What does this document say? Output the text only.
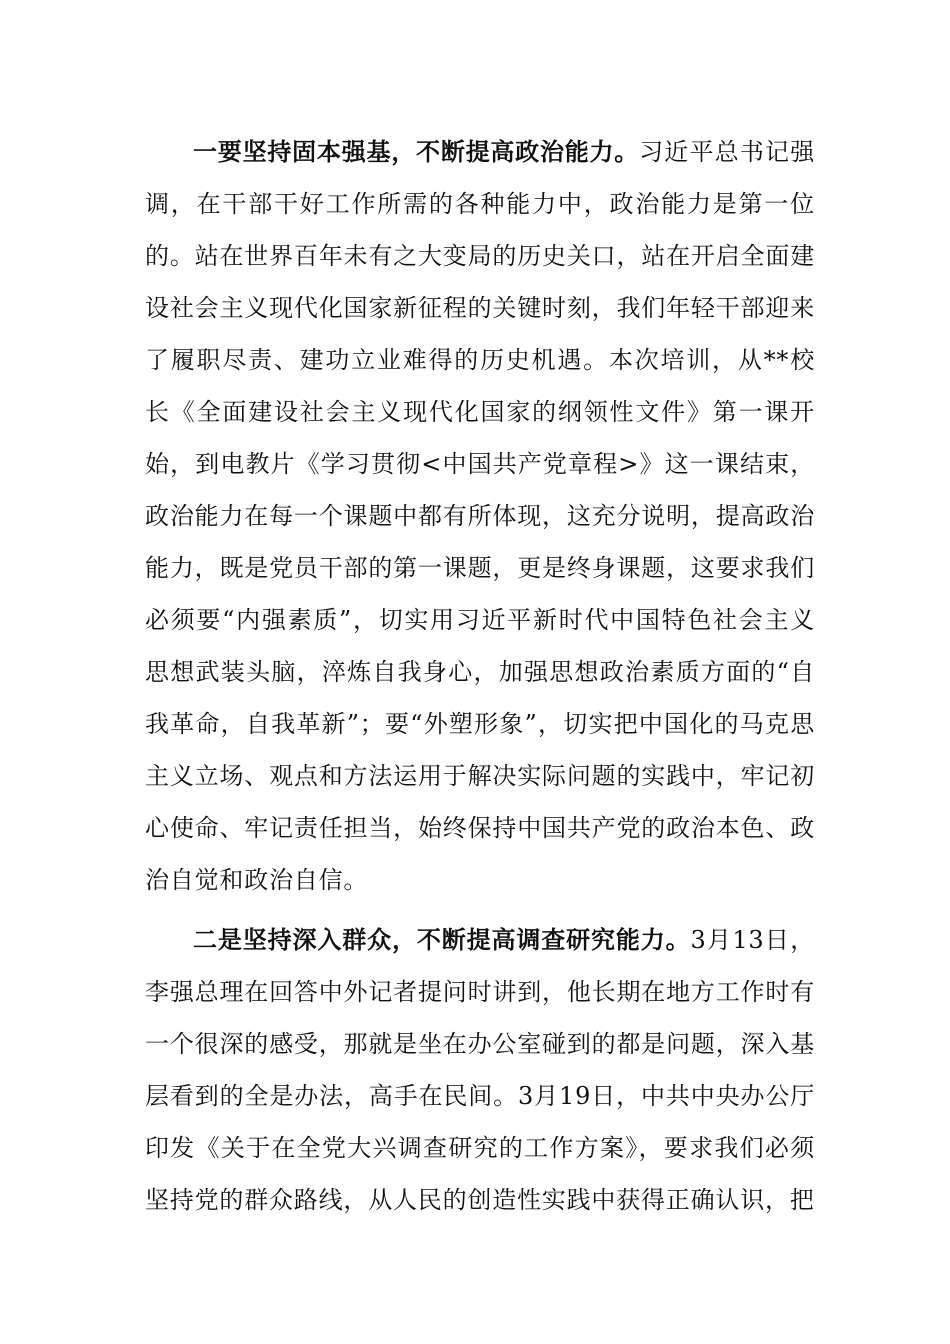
一要坚持固本强基，不断提高政治能力。习近平总书记强调，在干部干好工作所需的各种能力中，政治能力是第一位的。站在世界百年未有之大变局的历史关口，站在开启全面建设社会主义现代化国家新征程的关键时刻，我们年轻干部迎来了履职尽责、建功立业难得的历史机遇。本次培训，从**校长《全面建设社会主义现代化国家的纲领性文件》第一课开始，到电教片《学习贯彻<中国共产党章程>》这一课结束，政治能力在每一个课题中都有所体现，这充分说明，提高政治能力，既是党员干部的第一课题，更是终身课题，这要求我们必须要“内强素质”，切实用习近平新时代中国特色社会主义思想武装头脑，淬炼自我身心，加强思想政治素质方面的“自我革命，自我革新”；要“外塑形象”，切实把中国化的马克思主义立场、观点和方法运用于解决实际问题的实践中，牢记初心使命、牢记责任担当，始终保持中国共产党的政治本色、政治自觉和政治自信。

二是坚持深入群众，不断提高调查研究能力。3月13日，李强总理在回答中外记者提问时讲到，他长期在地方工作时有一个很深的感受，那就是坐在办公室碰到的都是问题，深入基层看到的全是办法，高手在民间。3月19日，中共中央办公厅印发《关于在全党大兴调查研究的工作方案》，要求我们必须坚持党的群众路线，从人民的创造性实践中获得正确认识，把
